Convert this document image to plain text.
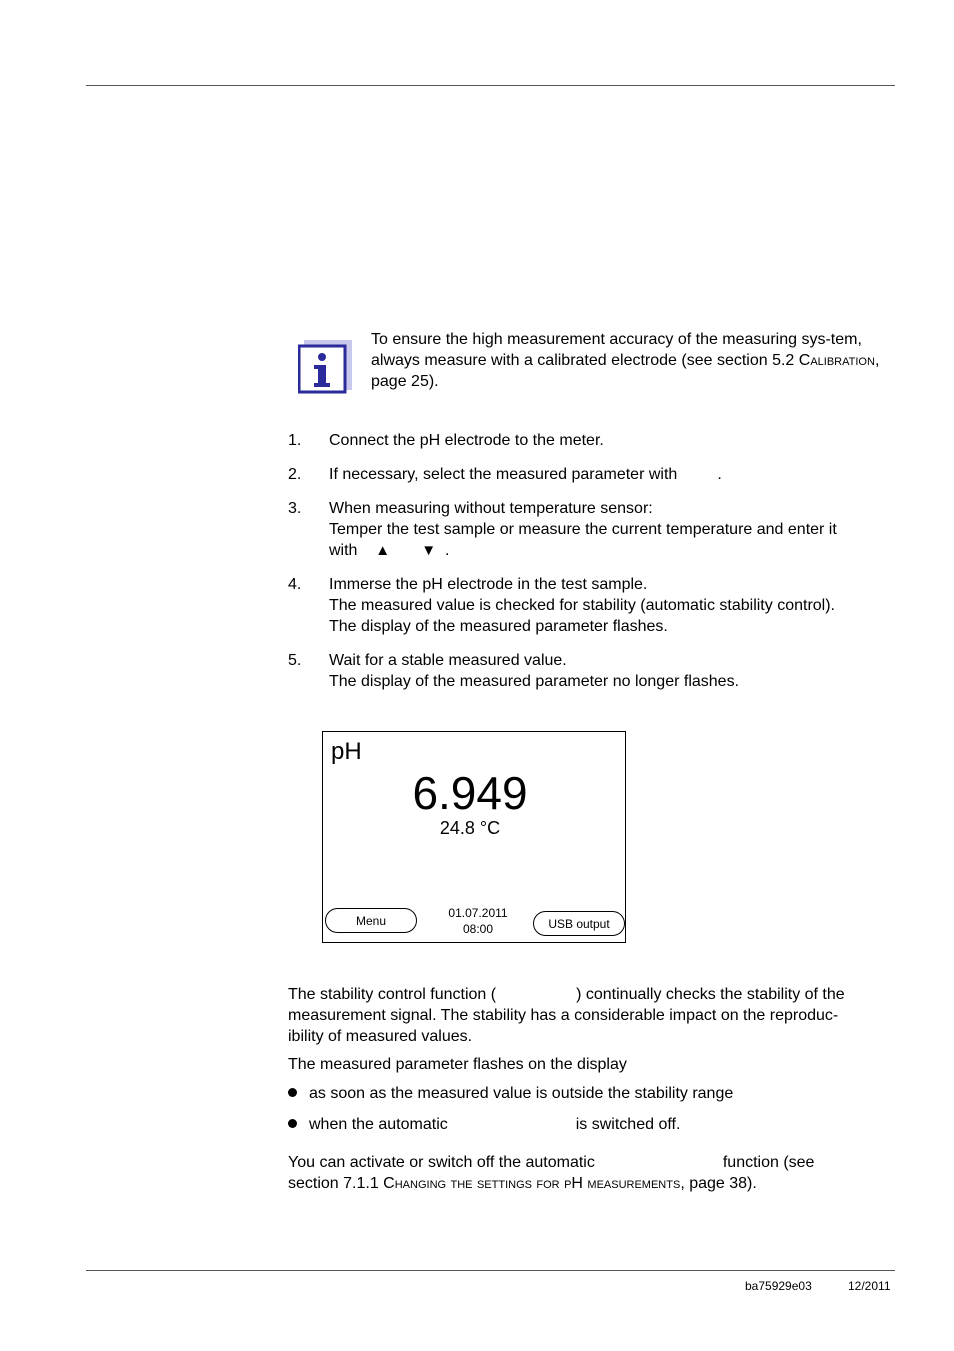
To ensure the high measurement accuracy of the measuring sys-tem, always measure with a calibrated electrode (see section 5.2 Calibration, page 25).
1. Connect the pH electrode to the meter.
2. If necessary, select the measured parameter with	.
3. When measuring without temperature sensor:
Temper the test sample or measure the current temperature and enter it
with ▲ ▼ .
4. Immerse the pH electrode in the test sample.
The measured value is checked for stability (automatic stability control).
The display of the measured parameter flashes.
5. Wait for a stable measured value.
The display of the measured parameter no longer flashes.
pH
6.949
24.8 °C
Menu
01.07.2011
08:00	USB output
The stability control function (	) continually checks the stability of the
measurement signal. The stability has a considerable impact on the reproduc-
ibility of measured values.
The measured parameter flashes on the display
as soon as the measured value is outside the stability range
when the automatic	is switched off.
You can activate or switch off the automatic	function (see
section 7.1.1 Changing the settings for pH measurements, page 38).
ba75929e03	12/2011
